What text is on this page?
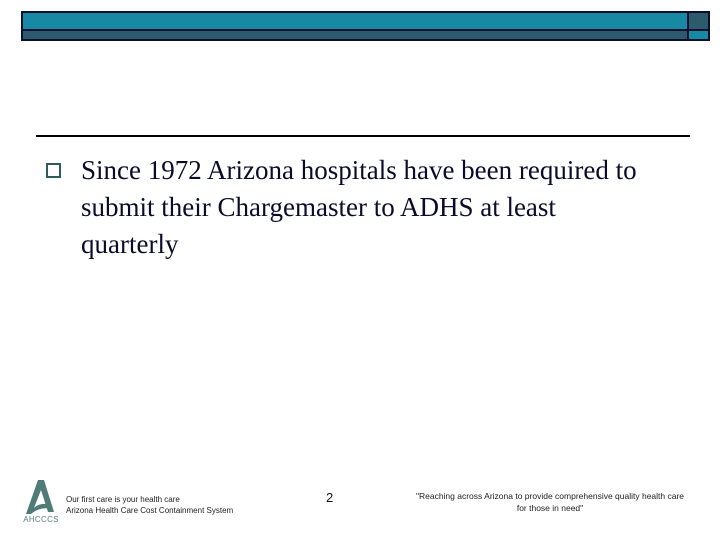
Since 1972 Arizona hospitals have been required to submit their Chargemaster to ADHS at least quarterly
AHCCCS
Our first care is your health care
Arizona Health Care Cost Containment System
2	"Reaching across Arizona to provide comprehensive quality health care for those in need"
